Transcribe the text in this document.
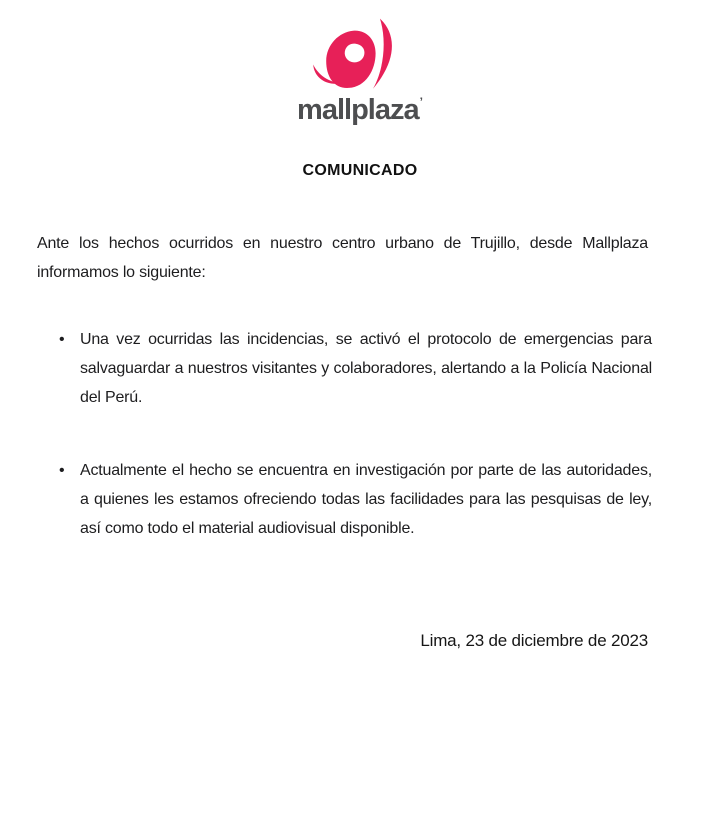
mallplaza’
COMUNICADO

Ante los hechos ocurridos en nuestro centro urbano de Trujillo, desde Mallplaza informamos lo siguiente:

• Una vez ocurridas las incidencias, se activó el protocolo de emergencias para salvaguardar a nuestros visitantes y colaboradores, alertando a la Policía Nacional del Perú.
• Actualmente el hecho se encuentra en investigación por parte de las autoridades, a quienes les estamos ofreciendo todas las facilidades para las pesquisas de ley, así como todo el material audiovisual disponible.

Lima, 23 de diciembre de 2023
